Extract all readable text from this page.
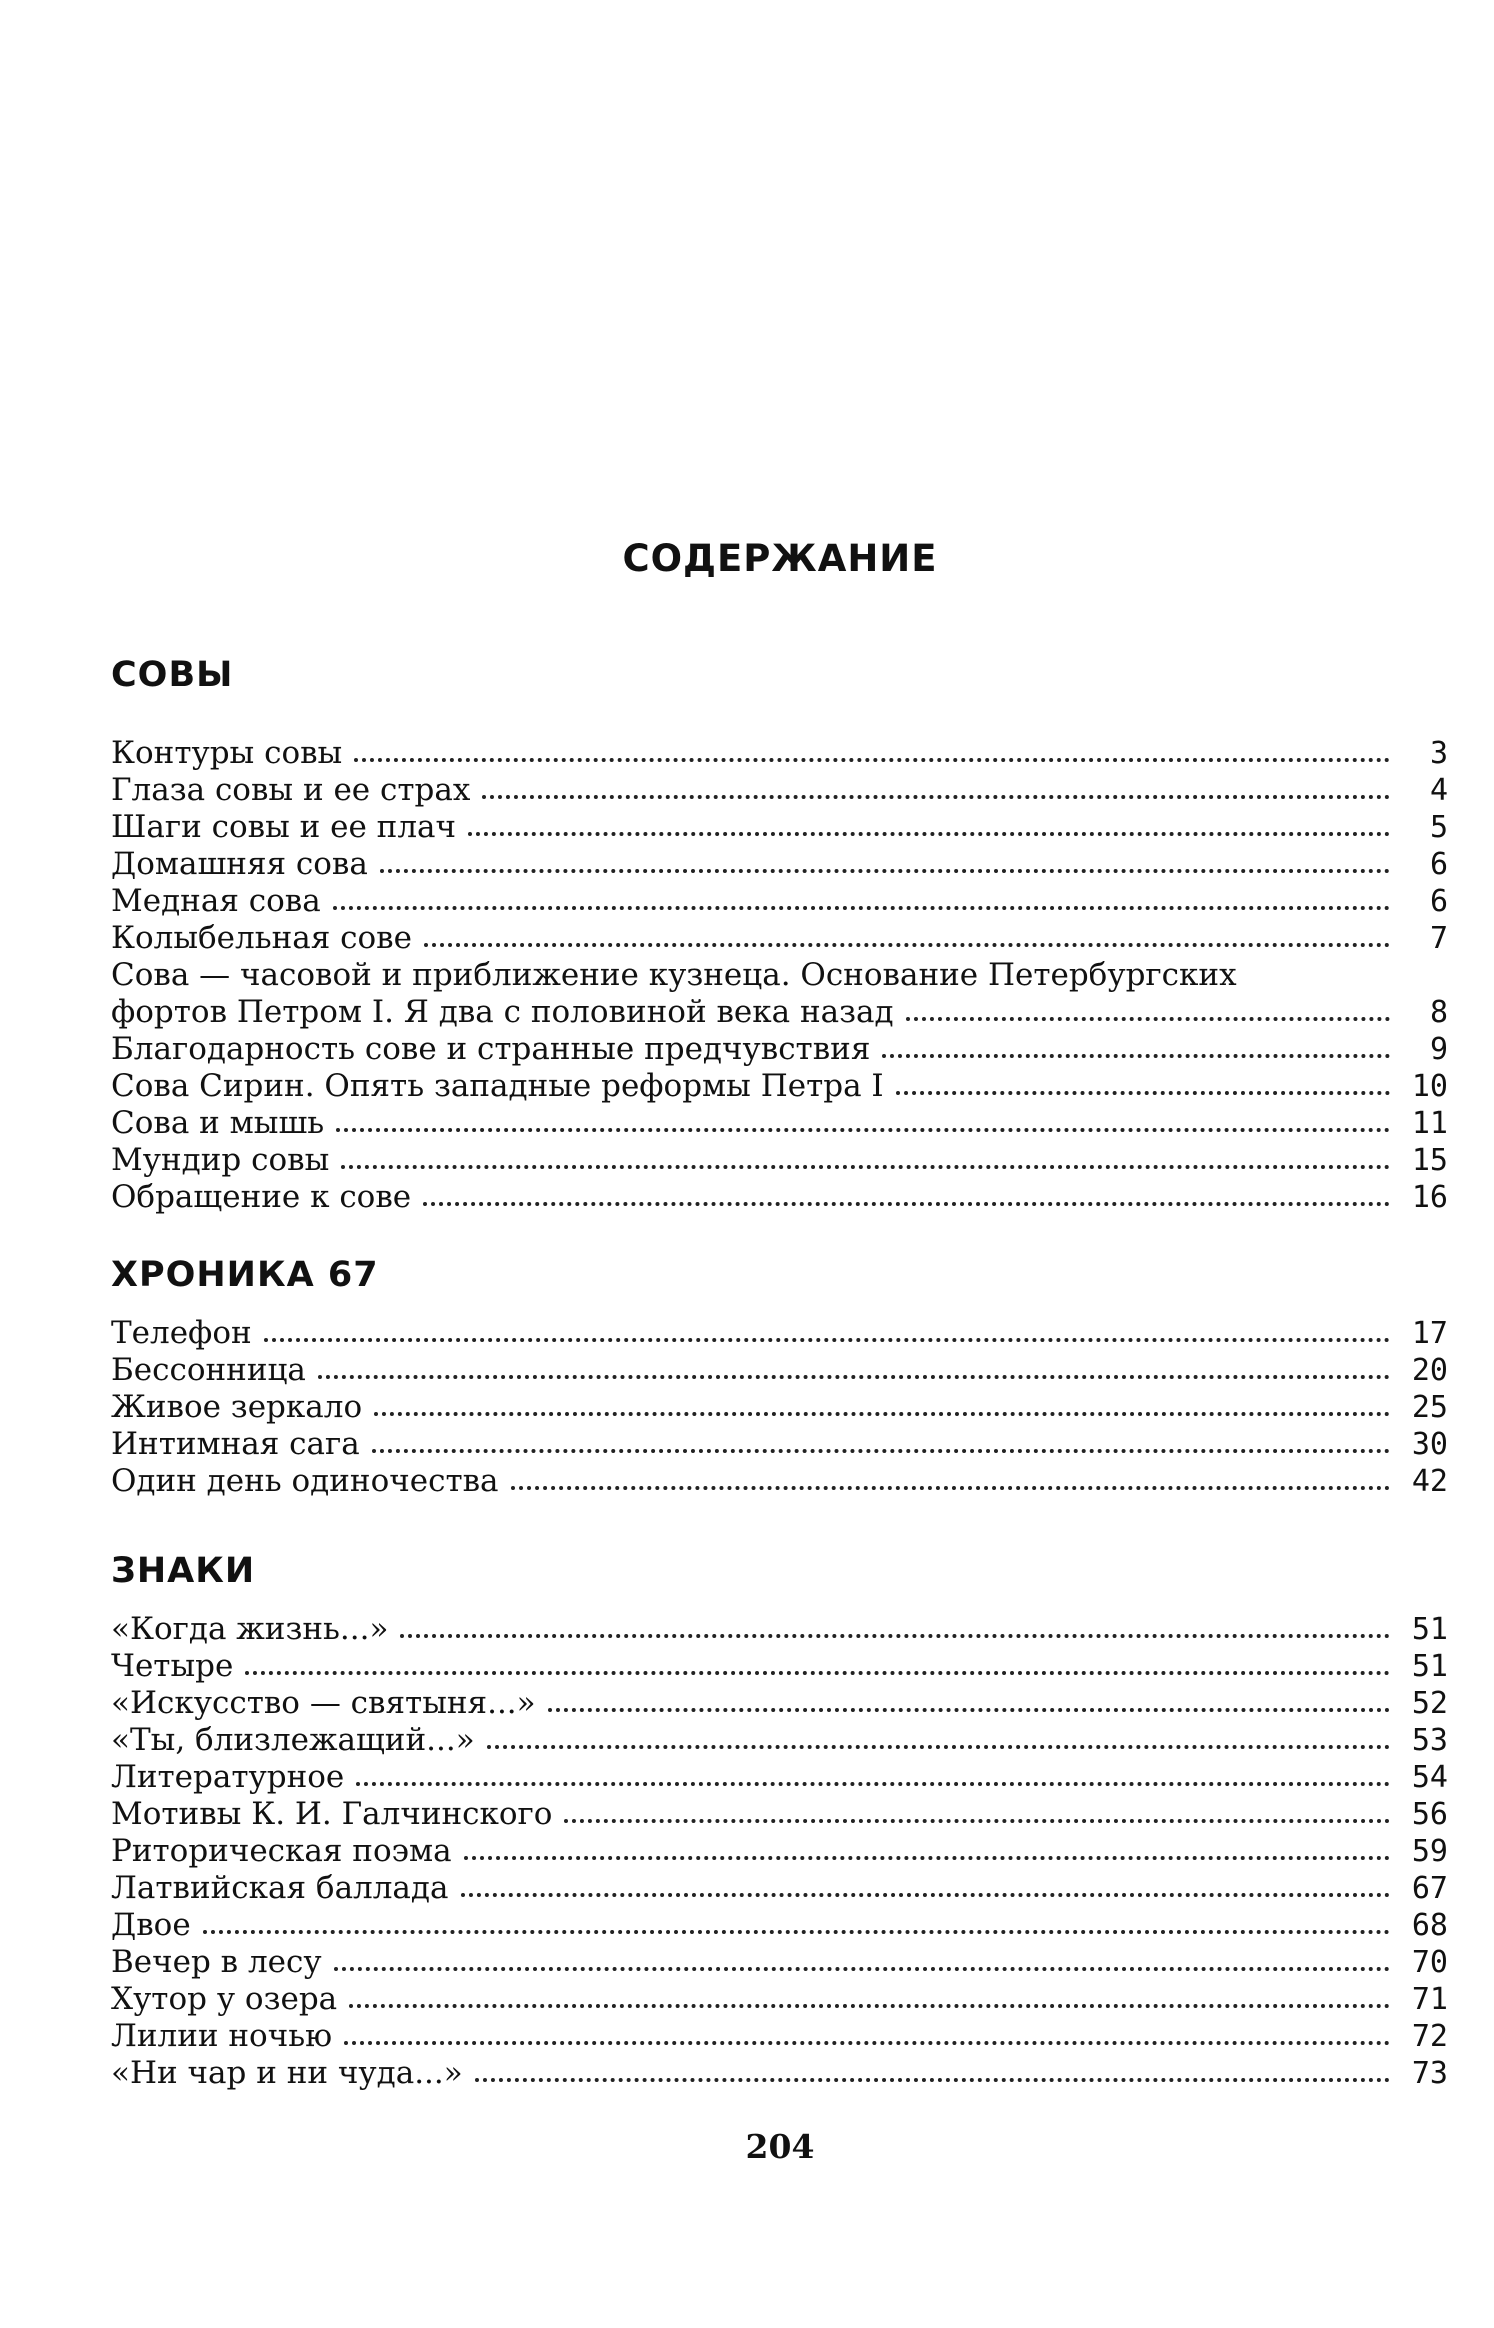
СОДЕРЖАНИЕ
СОВЫ
Контуры совы	3
Глаза совы и ее страх	4
Шаги совы и ее плач	5
Домашняя сова	6
Медная сова	6
Колыбельная сове	7
Сова — часовой и приближение кузнеца. Основание Петербургских
фортов Петром I. Я два с половиной века назад	8
Благодарность сове и странные предчувствия	9
Сова Сирин. Опять западные реформы Петра I	10
Сова и мышь	11
Мундир совы	15
Обращение к сове	16
ХРОНИКА 67
Телефон	17
Бессонница	20
Живое зеркало	25
Интимная сага	30
Один день одиночества	42
ЗНАКИ
«Когда жизнь...»	51
Четыре	51
«Искусство — святыня...»	52
«Ты, близлежащий...»	53
Литературное	54
Мотивы К. И. Галчинского	56
Риторическая поэма	59
Латвийская баллада	67
Двое	68
Вечер в лесу	70
Хутор у озера	71
Лилии ночью	72
«Ни чар и ни чуда...»	73
204
